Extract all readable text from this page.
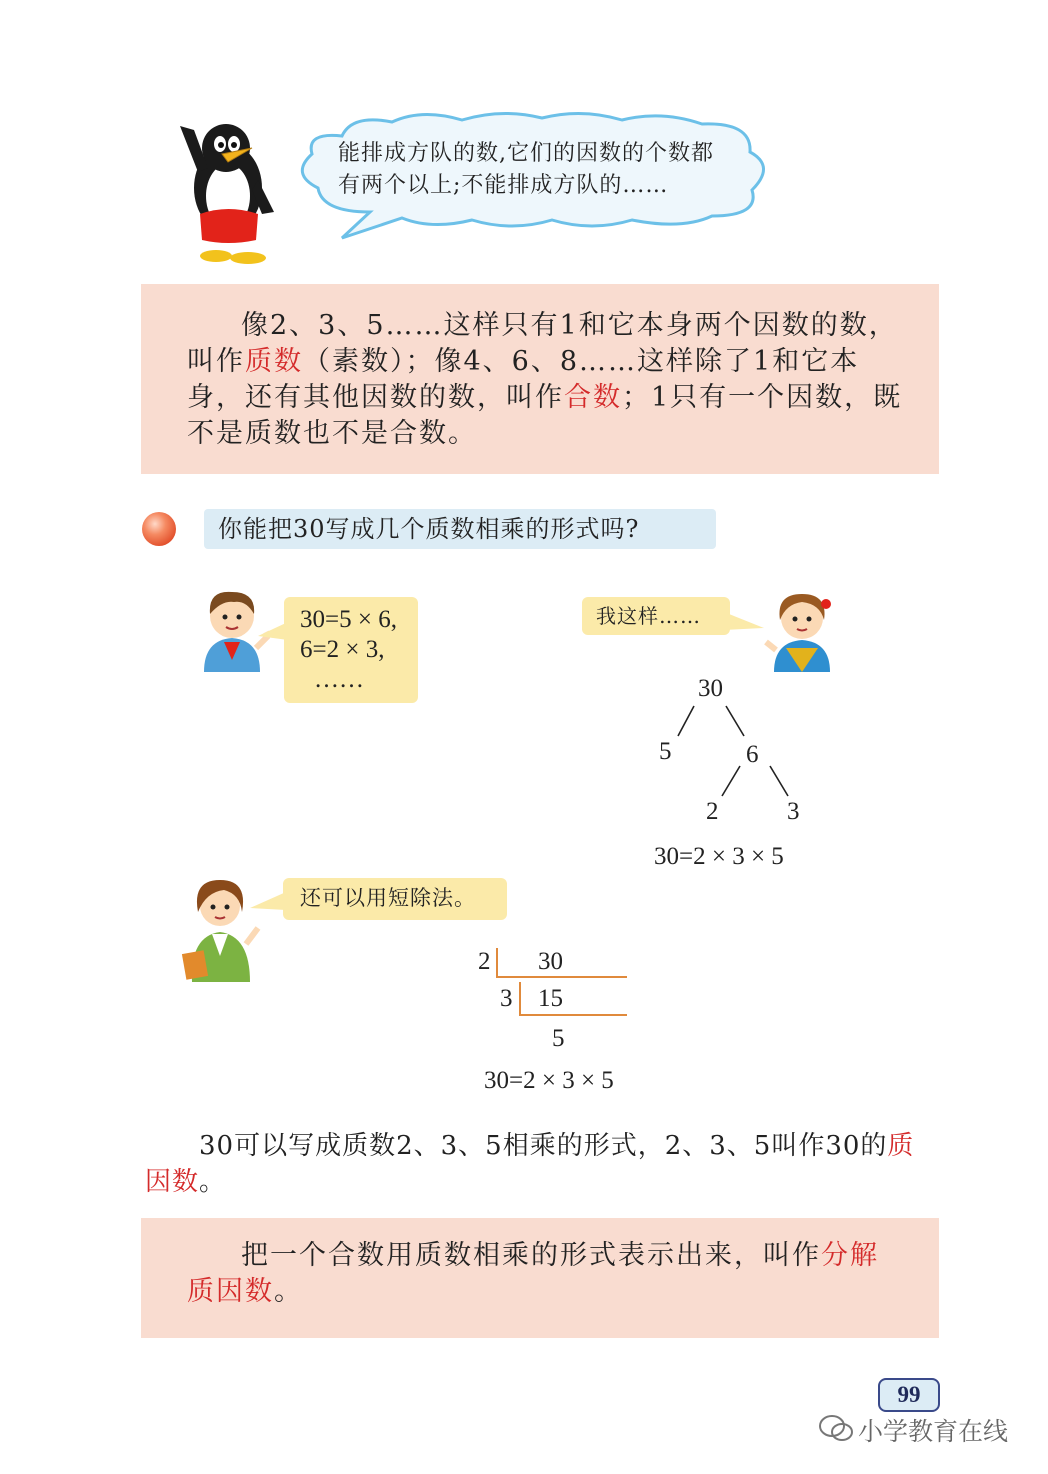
能排成方队的数,它们的因数的个数都
有两个以上;不能排成方队的……

像2、3、5……这样只有1和它本身两个因数的数，叫作质数（素数）；像4、6、8……这样除了1和它本身，还有其他因数的数，叫作合数；1只有一个因数，既不是质数也不是合数。

你能把30写成几个质数相乘的形式吗?
30=5 × 6,
6=2 × 3,
……
我这样……
30
5	6
2	3
30=2 × 3 × 5
还可以用短除法。
2 30
3 15
5
30=2 × 3 × 5
30可以写成质数2、3、5相乘的形式，2、3、5叫作30的质因数。

把一个合数用质数相乘的形式表示出来，叫作分解质因数。

99
小学教育在线
